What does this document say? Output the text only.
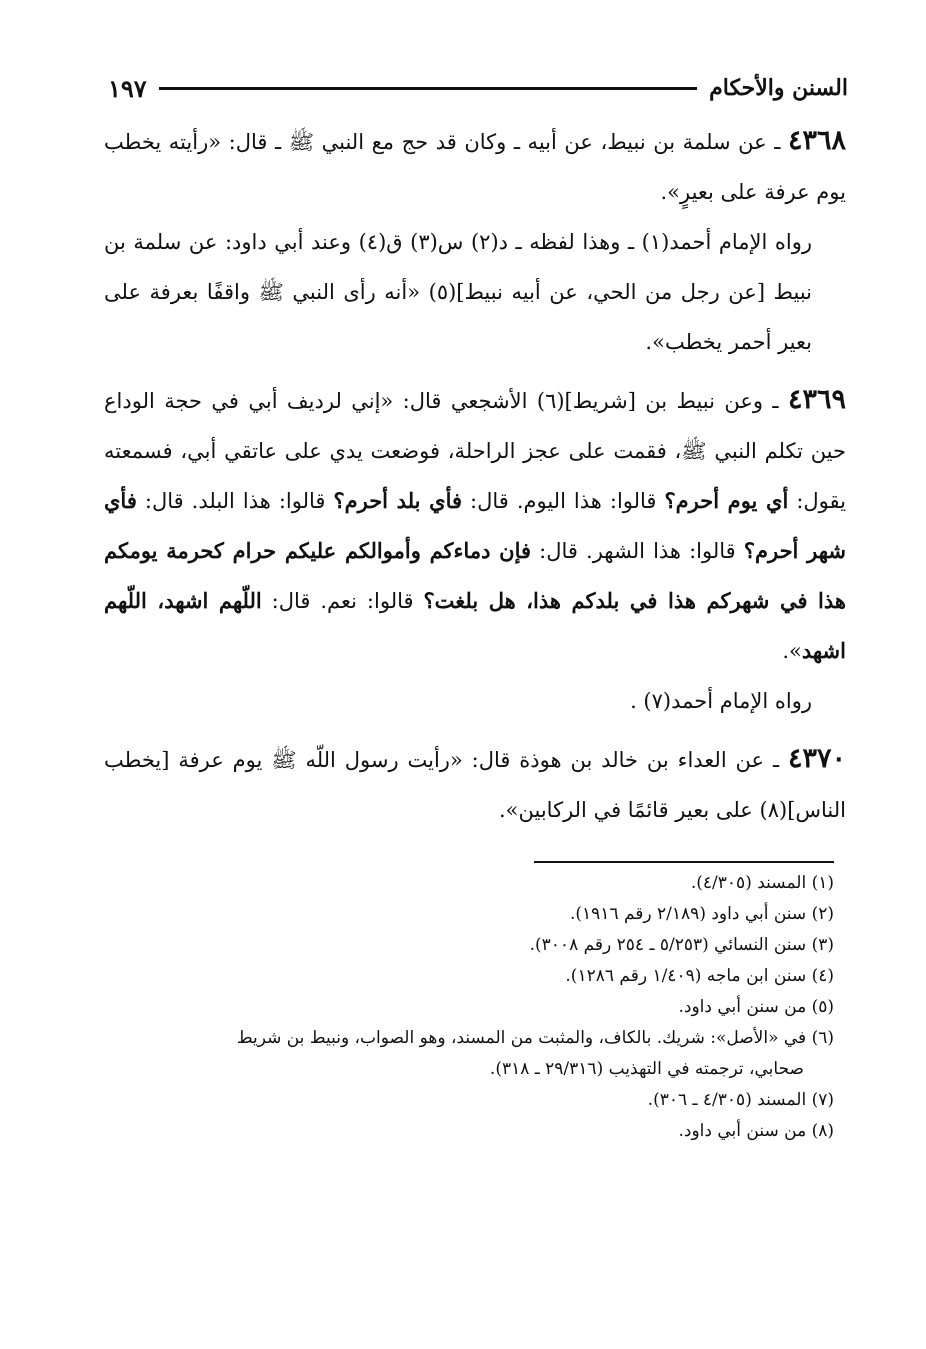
السنن والأحكام
١٩٧

٤٣٦٨ ـ عن سلمة بن نبيط، عن أبيه ـ وكان قد حج مع النبي ﷺ ـ قال: «رأيته يخطب يوم عرفة على بعيرٍ».

رواه الإمام أحمد(١) ـ وهذا لفظه ـ د(٢) س(٣) ق(٤) وعند أبي داود: عن سلمة بن نبيط [عن رجل من الحي، عن أبيه نبيط](٥) «أنه رأى النبي ﷺ واقفًا بعرفة على بعير أحمر يخطب».

٤٣٦٩ ـ وعن نبيط بن [شريط](٦) الأشجعي قال: «إني لرديف أبي في حجة الوداع حين تكلم النبي ﷺ، فقمت على عجز الراحلة، فوضعت يدي على عاتقي أبي، فسمعته يقول: أي يوم أحرم؟ قالوا: هذا اليوم. قال: فأي بلد أحرم؟ قالوا: هذا البلد. قال: فأي شهر أحرم؟ قالوا: هذا الشهر. قال: فإن دماءكم وأموالكم عليكم حرام كحرمة يومكم هذا في شهركم هذا في بلدكم هذا، هل بلغت؟ قالوا: نعم. قال: اللّهم اشهد، اللّهم اشهد».

رواه الإمام أحمد(٧) .

٤٣٧٠ ـ عن العداء بن خالد بن هوذة قال: «رأيت رسول اللّه ﷺ يوم عرفة [يخطب الناس](٨) على بعير قائمًا في الركابين».

(١) المسند (٤/٣٠٥).

(٢) سنن أبي داود (٢/١٨٩ رقم ١٩١٦).

(٣) سنن النسائي (٥/٢٥٣ ـ ٢٥٤ رقم ٣٠٠٨).

(٤) سنن ابن ماجه (١/٤٠٩ رقم ١٢٨٦).

(٥) من سنن أبي داود.

(٦) في «الأصل»: شريك. بالكاف، والمثبت من المسند، وهو الصواب، ونبيط بن شريط

صحابي، ترجمته في التهذيب (٢٩/٣١٦ ـ ٣١٨).

(٧) المسند (٤/٣٠٥ ـ ٣٠٦).

(٨) من سنن أبي داود.
